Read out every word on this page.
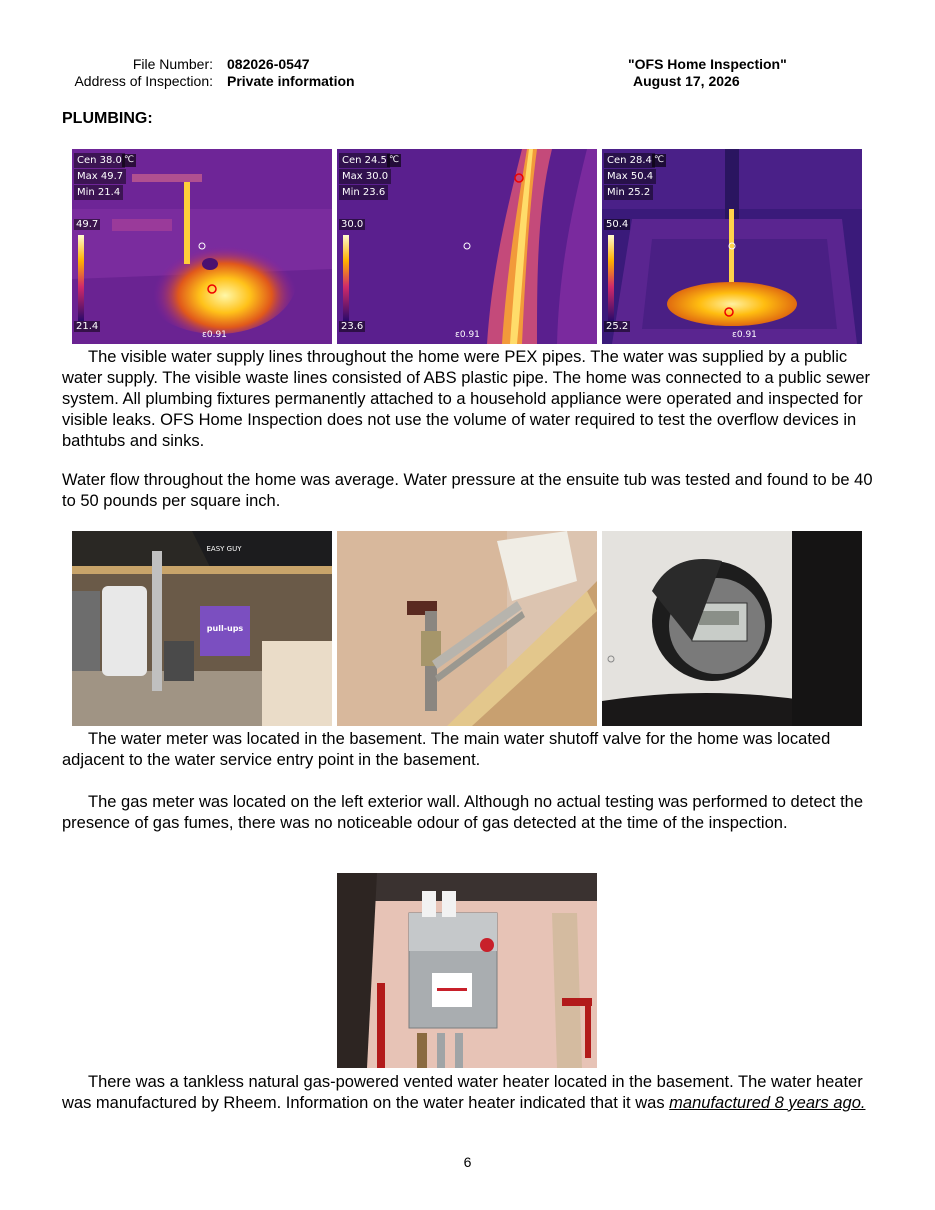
File Number: 082026-0547	"OFS Home Inspection"
Address of Inspection: Private information	August 17, 2026
PLUMBING:
Cen 38.0
Max 49.7
Min 21.4
℃
49.7
21.4
ε0.91
Cen 24.5
Max 30.0
Min 23.6
℃
30.0
23.6
ε0.91
Cen 28.4
Max 50.4
Min 25.2
℃
50.4
25.2
ε0.91

The visible water supply lines throughout the home were PEX pipes. The water was supplied by a public water supply. The visible waste lines consisted of ABS plastic pipe. The home was connected to a public sewer system. All plumbing fixtures permanently attached to a household appliance were operated and inspected for visible leaks. OFS Home Inspection does not use the volume of water required to test the overflow devices in bathtubs and sinks.

Water flow throughout the home was average. Water pressure at the ensuite tub was tested and found to be 40 to 50 pounds per square inch.

EASY GUY
pull-ups

The water meter was located in the basement. The main water shutoff valve for the home was located adjacent to the water service entry point in the basement.

The gas meter was located on the left exterior wall. Although no actual testing was performed to detect the presence of gas fumes, there was no noticeable odour of gas detected at the time of the inspection.

There was a tankless natural gas-powered vented water heater located in the basement. The water heater was manufactured by Rheem. Information on the water heater indicated that it was manufactured 8 years ago.

6
